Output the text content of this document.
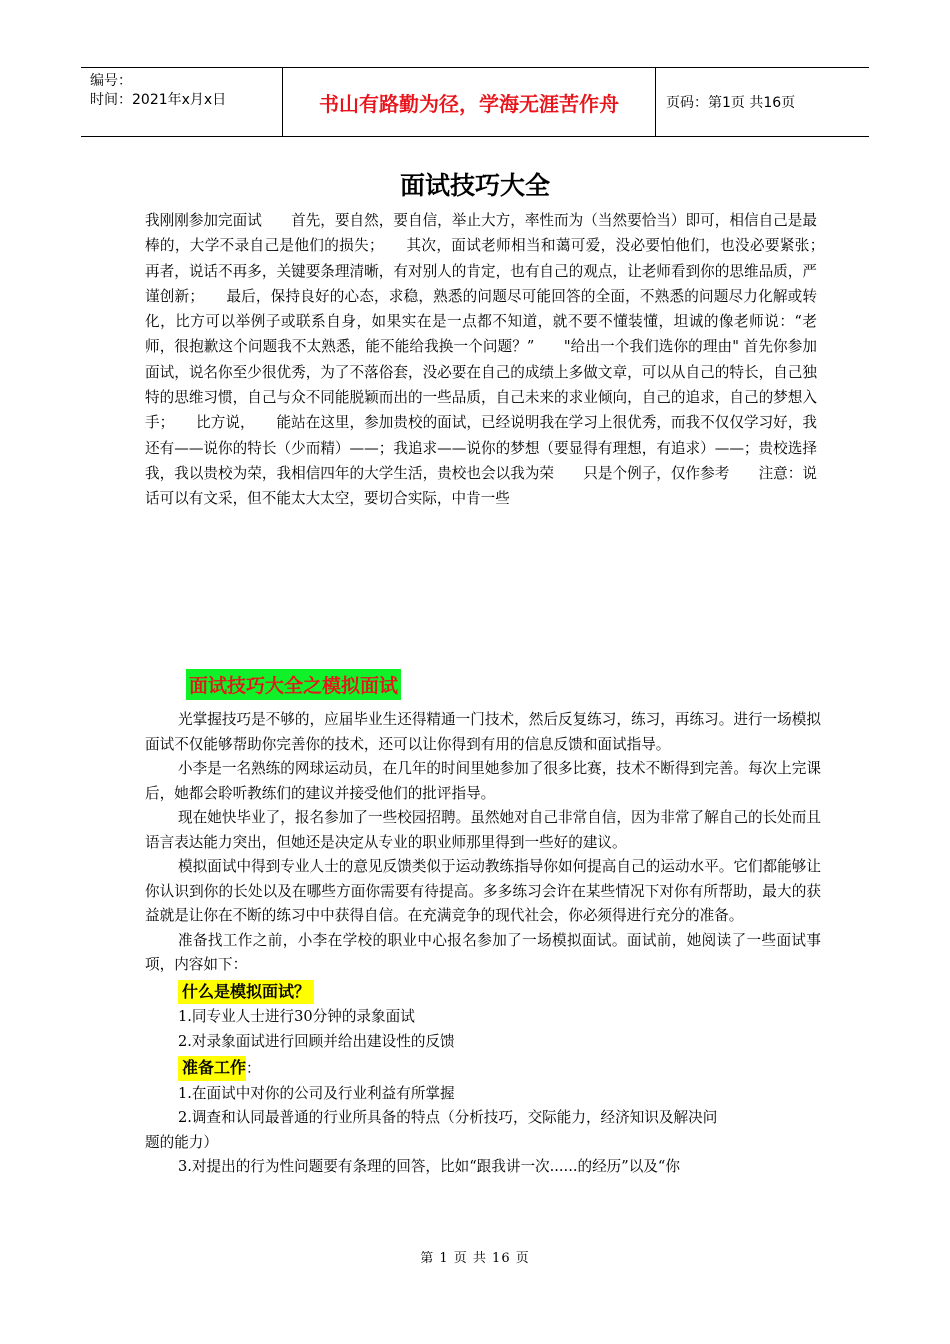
编号：
时间：2021年x月x日	书山有路勤为径，学海无涯苦作舟	页码：第1页 共16页
面试技巧大全
我刚刚参加完面试　　首先，要自然，要自信，举止大方，率性而为（当然要恰当）即可，相信自己是最棒的，大学不录自己是他们的损失；　　其次，面试老师相当和蔼可爱，没必要怕他们，也没必要紧张；　　再者，说话不再多，关键要条理清晰，有对别人的肯定，也有自己的观点，让老师看到你的思维品质，严谨创新；　　最后，保持良好的心态，求稳，熟悉的问题尽可能回答的全面，不熟悉的问题尽力化解或转化，比方可以举例子或联系自身，如果实在是一点都不知道，就不要不懂装懂，坦诚的像老师说：“老师，很抱歉这个问题我不太熟悉，能不能给我换一个问题？”　　"给出一个我们选你的理由" 首先你参加面试，说名你至少很优秀，为了不落俗套，没必要在自己的成绩上多做文章，可以从自己的特长，自己独特的思维习惯，自己与众不同能脱颖而出的一些品质，自己未来的求业倾向，自己的追求，自己的梦想入手；　　比方说，　　能站在这里，参加贵校的面试，已经说明我在学习上很优秀，而我不仅仅学习好，我还有——说你的特长（少而精）——；我追求——说你的梦想（要显得有理想，有追求）——；贵校选择我，我以贵校为荣，我相信四年的大学生活，贵校也会以我为荣　　只是个例子，仅作参考　　注意：说话可以有文采，但不能太大太空，要切合实际，中肯一些
面试技巧大全之模拟面试

光掌握技巧是不够的，应届毕业生还得精通一门技术，然后反复练习，练习，再练习。进行一场模拟面试不仅能够帮助你完善你的技术，还可以让你得到有用的信息反馈和面试指导。

小李是一名熟练的网球运动员，在几年的时间里她参加了很多比赛，技术不断得到完善。每次上完课后，她都会聆听教练们的建议并接受他们的批评指导。

现在她快毕业了，报名参加了一些校园招聘。虽然她对自己非常自信，因为非常了解自己的长处而且语言表达能力突出，但她还是决定从专业的职业师那里得到一些好的建议。

模拟面试中得到专业人士的意见反馈类似于运动教练指导你如何提高自己的运动水平。它们都能够让你认识到你的长处以及在哪些方面你需要有待提高。多多练习会许在某些情况下对你有所帮助，最大的获益就是让你在不断的练习中中获得自信。在充满竞争的现代社会，你必须得进行充分的准备。

准备找工作之前，小李在学校的职业中心报名参加了一场模拟面试。面试前，她阅读了一些面试事项，内容如下：

什么是模拟面试？
1.同专业人士进行30分钟的录象面试
2.对录象面试进行回顾并给出建设性的反馈
准备工作：
1.在面试中对你的公司及行业利益有所掌握
2.调查和认同最普通的行业所具备的特点（分析技巧，交际能力，经济知识及解决问
题的能力）
3.对提出的行为性问题要有条理的回答，比如“跟我讲一次......的经历”以及“你
第 1 页 共 16 页
